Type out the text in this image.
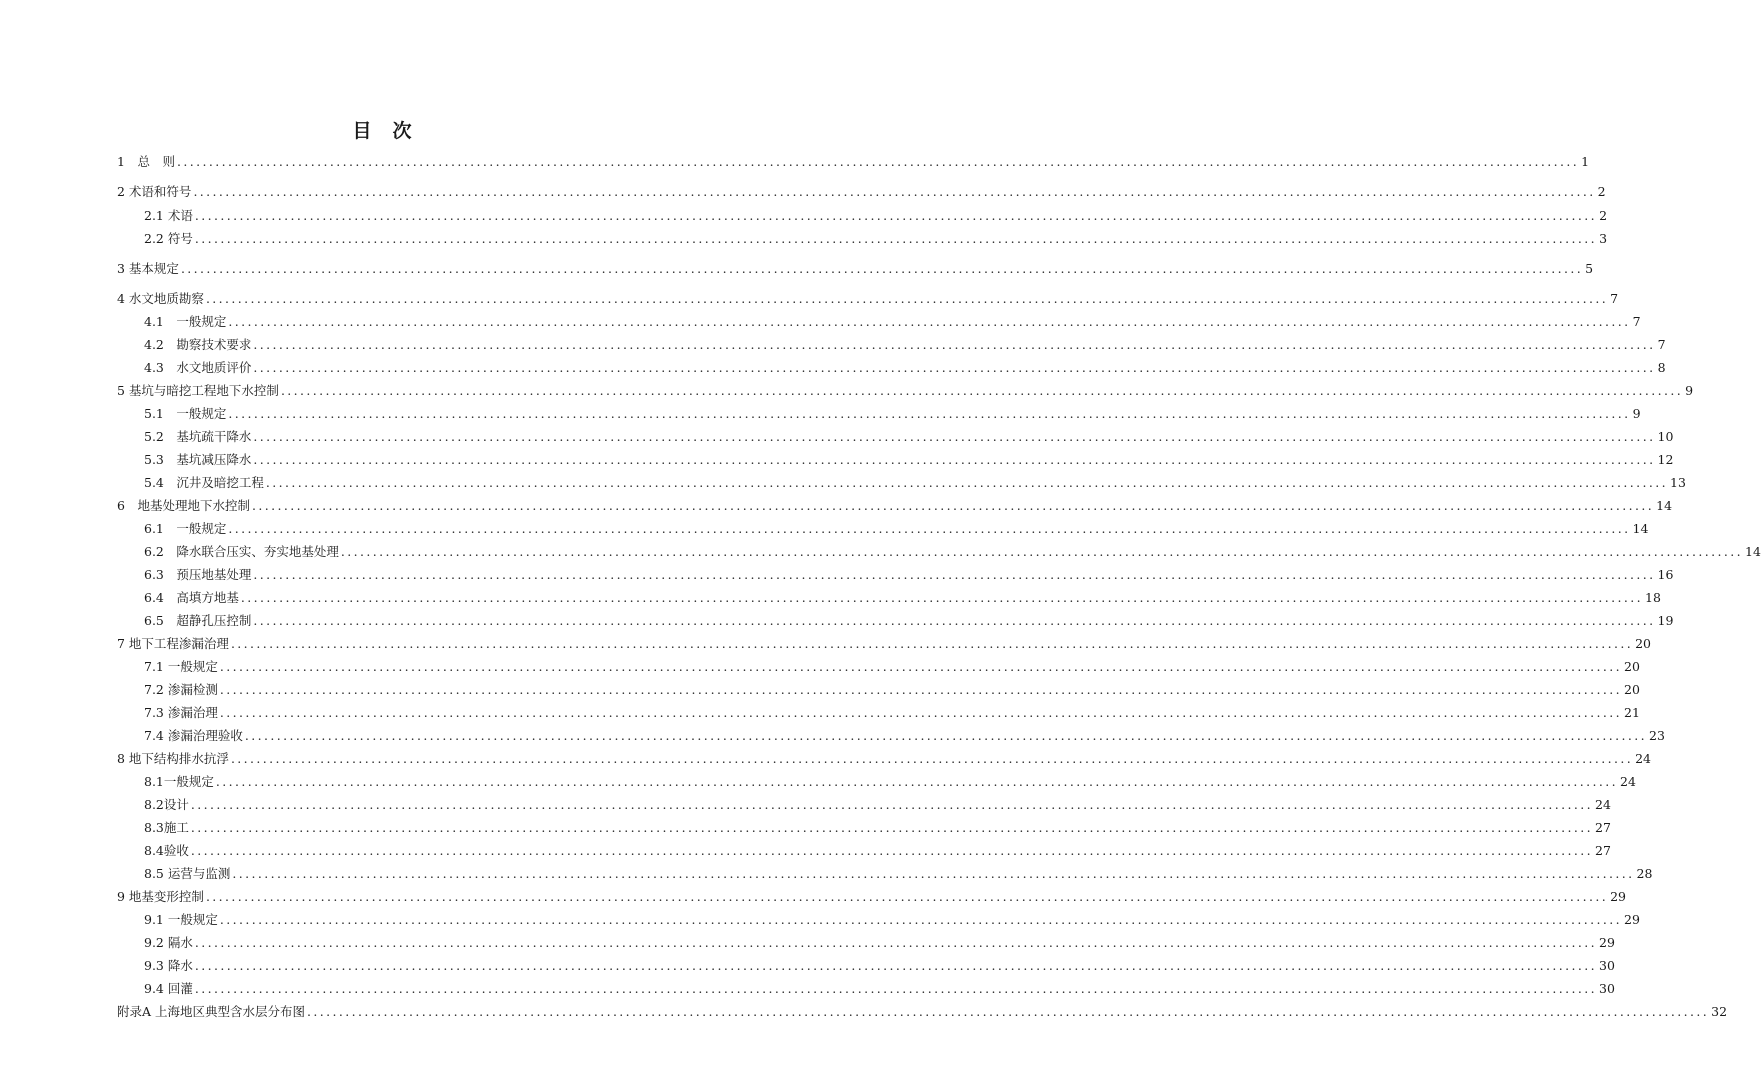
目　次
1　总　则 ............................................................................................................................................................................................................................ 1
2 术语和符号 ............................................................................................................................................................................................................................ 2
2.1 术语 ............................................................................................................................................................................................................................ 2
2.2 符号 ............................................................................................................................................................................................................................ 3
3 基本规定 ............................................................................................................................................................................................................................ 5
4 水文地质勘察 ............................................................................................................................................................................................................................ 7
4.1　一般规定 ............................................................................................................................................................................................................................ 7
4.2　勘察技术要求 ............................................................................................................................................................................................................................ 7
4.3　水文地质评价 ............................................................................................................................................................................................................................ 8
5 基坑与暗挖工程地下水控制 ............................................................................................................................................................................................................................ 9
5.1　一般规定 ............................................................................................................................................................................................................................ 9
5.2　基坑疏干降水 ............................................................................................................................................................................................................................ 10
5.3　基坑减压降水 ............................................................................................................................................................................................................................ 12
5.4　沉井及暗挖工程 ............................................................................................................................................................................................................................ 13
6　地基处理地下水控制 ............................................................................................................................................................................................................................ 14
6.1　一般规定 ............................................................................................................................................................................................................................ 14
6.2　降水联合压实、夯实地基处理 ............................................................................................................................................................................................................................ 14
6.3　预压地基处理 ............................................................................................................................................................................................................................ 16
6.4　高填方地基 ............................................................................................................................................................................................................................ 18
6.5　超静孔压控制 ............................................................................................................................................................................................................................ 19
7 地下工程渗漏治理 ............................................................................................................................................................................................................................ 20
7.1 一般规定 ............................................................................................................................................................................................................................ 20
7.2 渗漏检测 ............................................................................................................................................................................................................................ 20
7.3 渗漏治理 ............................................................................................................................................................................................................................ 21
7.4 渗漏治理验收 ............................................................................................................................................................................................................................ 23
8 地下结构排水抗浮 ............................................................................................................................................................................................................................ 24
8.1一般规定 ............................................................................................................................................................................................................................ 24
8.2设计 ............................................................................................................................................................................................................................ 24
8.3施工 ............................................................................................................................................................................................................................ 27
8.4验收 ............................................................................................................................................................................................................................ 27
8.5 运营与监测 ............................................................................................................................................................................................................................ 28
9 地基变形控制 ............................................................................................................................................................................................................................ 29
9.1 一般规定 ............................................................................................................................................................................................................................ 29
9.2 隔水 ............................................................................................................................................................................................................................ 29
9.3 降水 ............................................................................................................................................................................................................................ 30
9.4 回灌 ............................................................................................................................................................................................................................ 30
附录A 上海地区典型含水层分布图 ............................................................................................................................................................................................................................ 32
